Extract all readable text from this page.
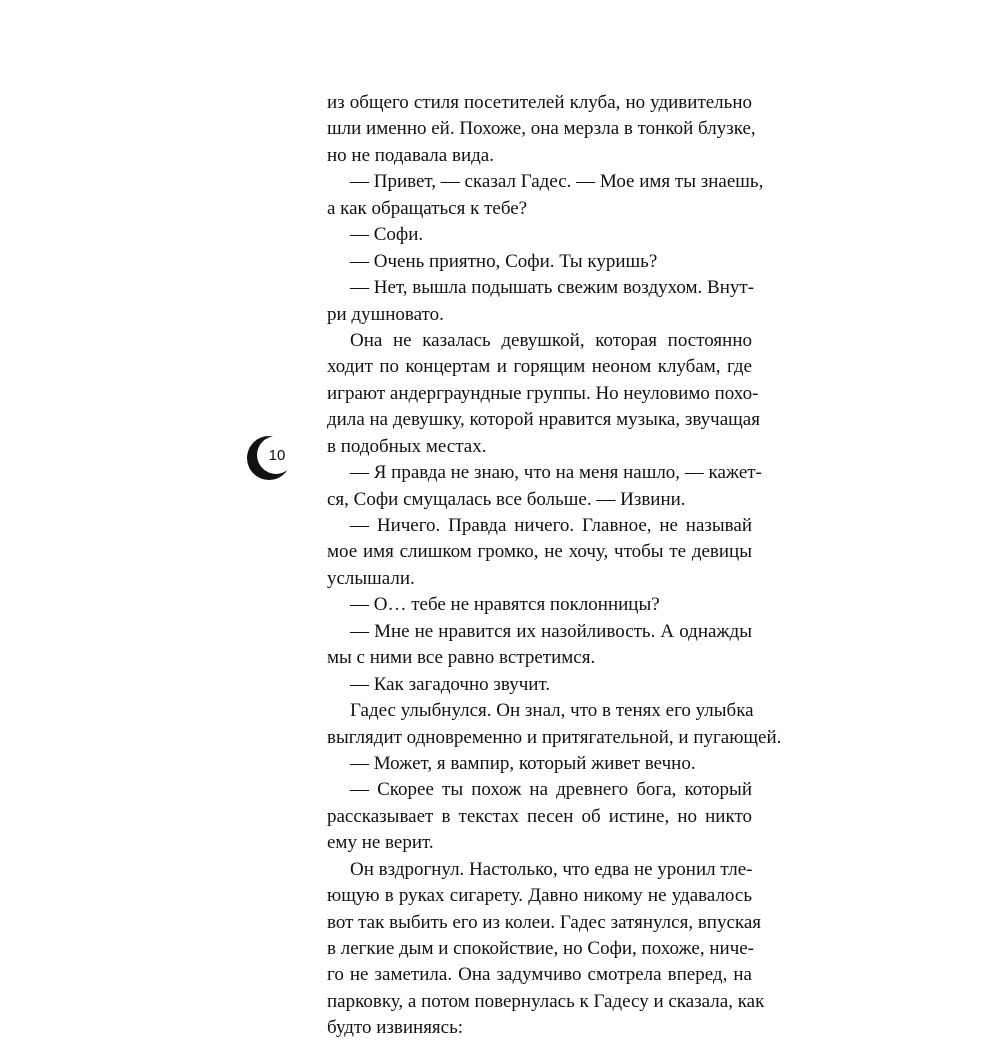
10
из общего стиля посетителей клуба, но удивительно
шли именно ей. Похоже, она мерзла в тонкой блузке,
но не подавала вида.
— Привет, — сказал Гадес. — Мое имя ты знаешь,
а как обращаться к тебе?
— Софи.
— Очень приятно, Софи. Ты куришь?
— Нет, вышла подышать свежим воздухом. Внут-
ри душновато.
Она не казалась девушкой, которая постоянно
ходит по концертам и горящим неоном клубам, где
играют андерграундные группы. Но неуловимо похо-
дила на девушку, которой нравится музыка, звучащая
в подобных местах.
— Я правда не знаю, что на меня нашло, — кажет-
ся, Софи смущалась все больше. — Извини.
— Ничего. Правда ничего. Главное, не называй
мое имя слишком громко, не хочу, чтобы те девицы
услышали.
— О… тебе не нравятся поклонницы?
— Мне не нравится их назойливость. А однажды
мы с ними все равно встретимся.
— Как загадочно звучит.
Гадес улыбнулся. Он знал, что в тенях его улыбка
выглядит одновременно и притягательной, и пугающей.
— Может, я вампир, который живет вечно.
— Скорее ты похож на древнего бога, который
рассказывает в текстах песен об истине, но никто
ему не верит.
Он вздрогнул. Настолько, что едва не уронил тле-
ющую в руках сигарету. Давно никому не удавалось
вот так выбить его из колеи. Гадес затянулся, впуская
в легкие дым и спокойствие, но Софи, похоже, ниче-
го не заметила. Она задумчиво смотрела вперед, на
парковку, а потом повернулась к Гадесу и сказала, как
будто извиняясь:
